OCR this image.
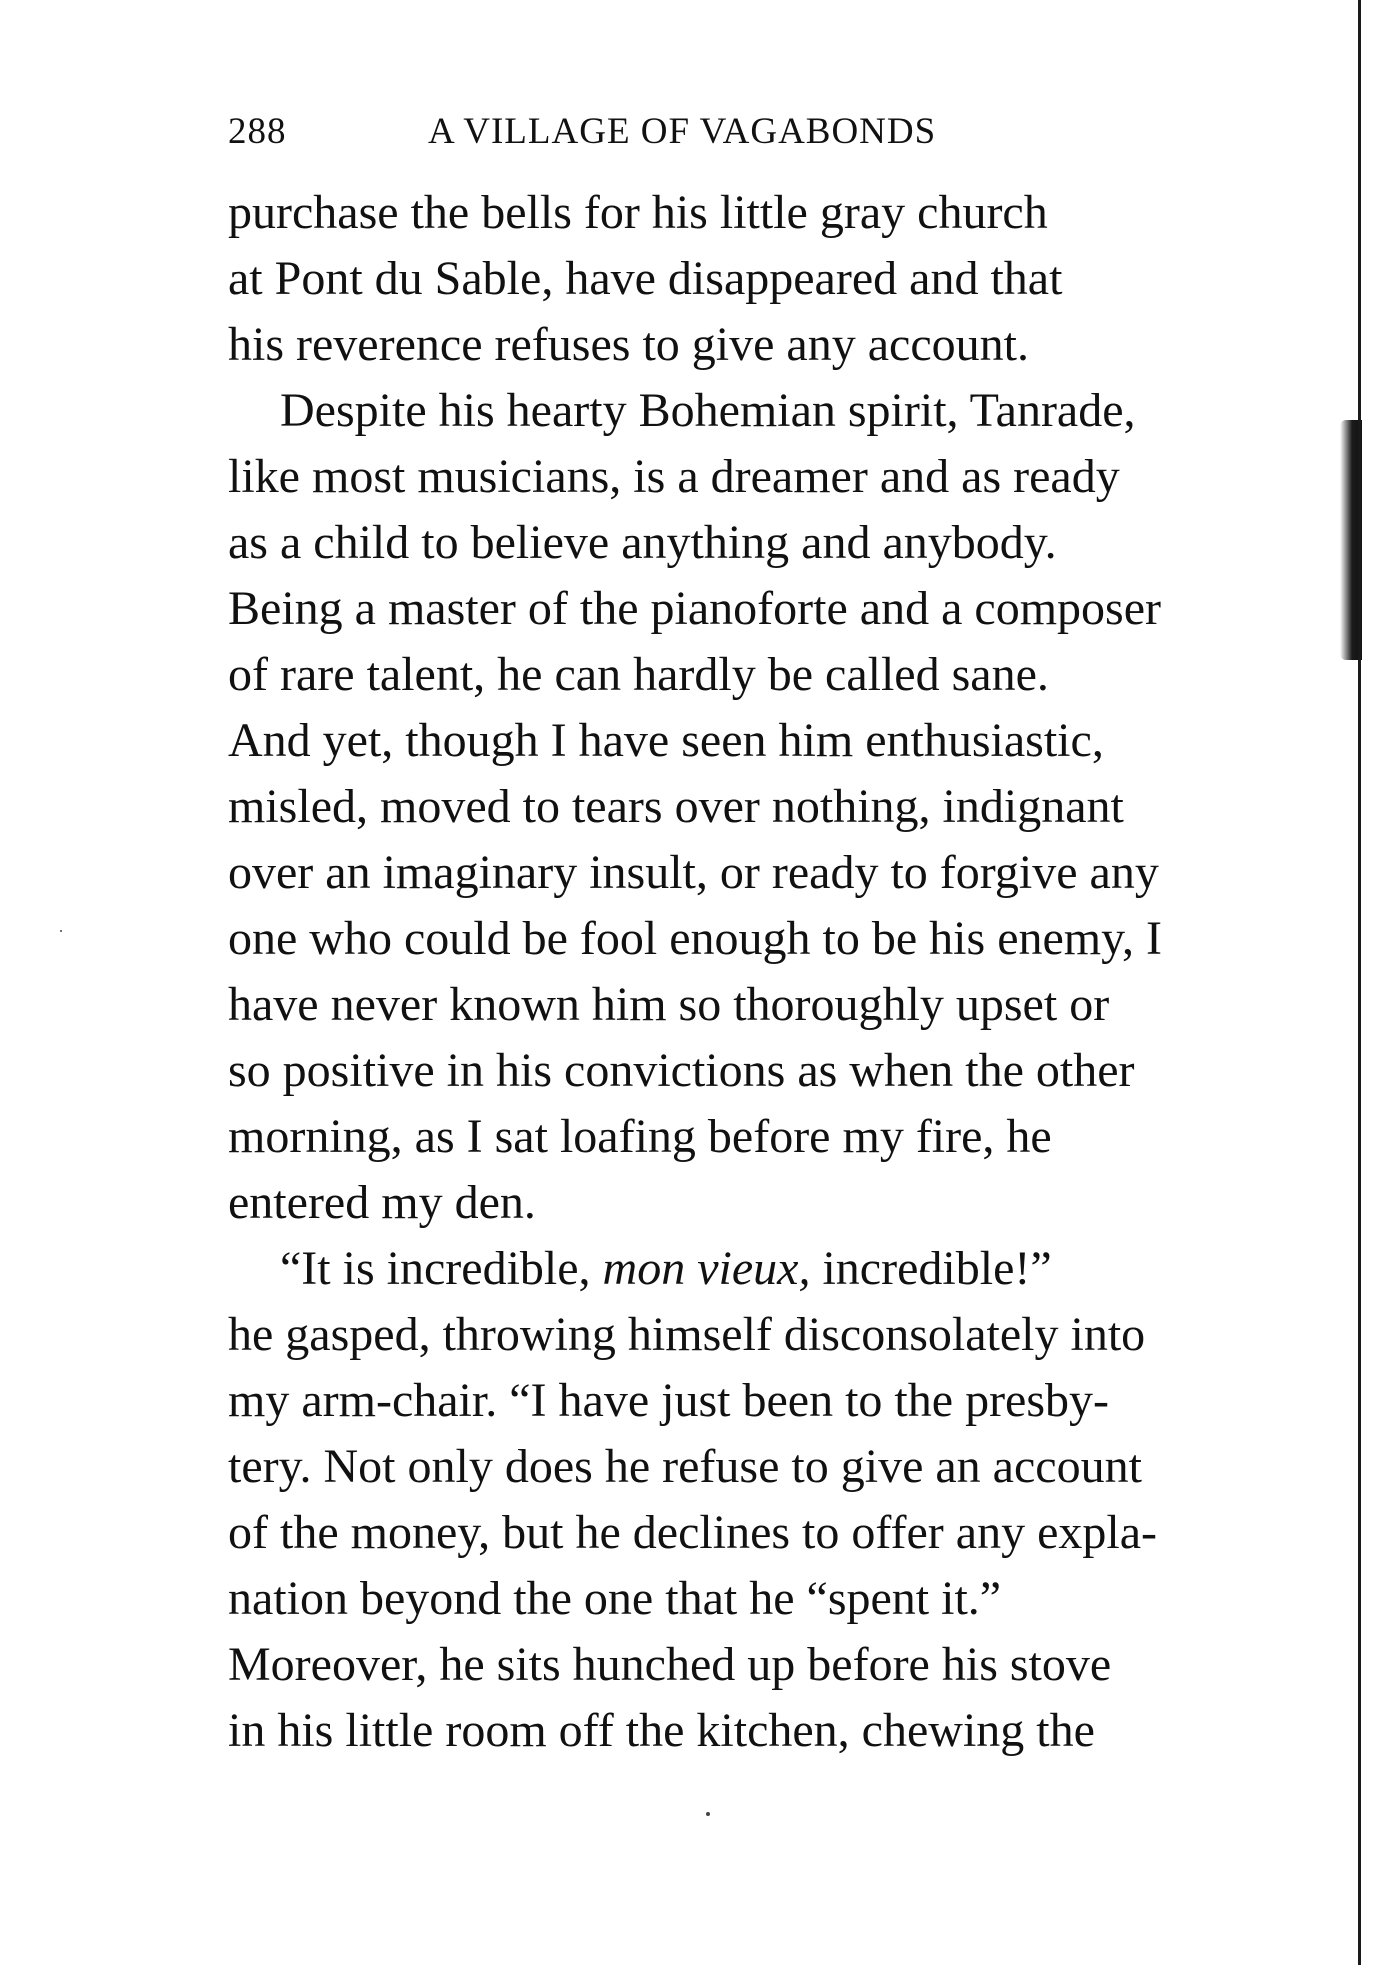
288	A VILLAGE OF VAGABONDS
purchase the bells for his little gray church
at Pont du Sable, have disappeared and that
his reverence refuses to give any account.
Despite his hearty Bohemian spirit, Tanrade,
like most musicians, is a dreamer and as ready
as a child to believe anything and anybody.
Being a master of the pianoforte and a composer
of rare talent, he can hardly be called sane.
And yet, though I have seen him enthusiastic,
misled, moved to tears over nothing, indignant
over an imaginary insult, or ready to forgive any
one who could be fool enough to be his enemy, I
have never known him so thoroughly upset or
so positive in his convictions as when the other
morning, as I sat loafing before my fire, he
entered my den.
“It is incredible, mon vieux, incredible!”
he gasped, throwing himself disconsolately into
my arm-chair. “I have just been to the presby-
tery. Not only does he refuse to give an account
of the money, but he declines to offer any expla-
nation beyond the one that he “spent it.”
Moreover, he sits hunched up before his stove
in his little room off the kitchen, chewing the
